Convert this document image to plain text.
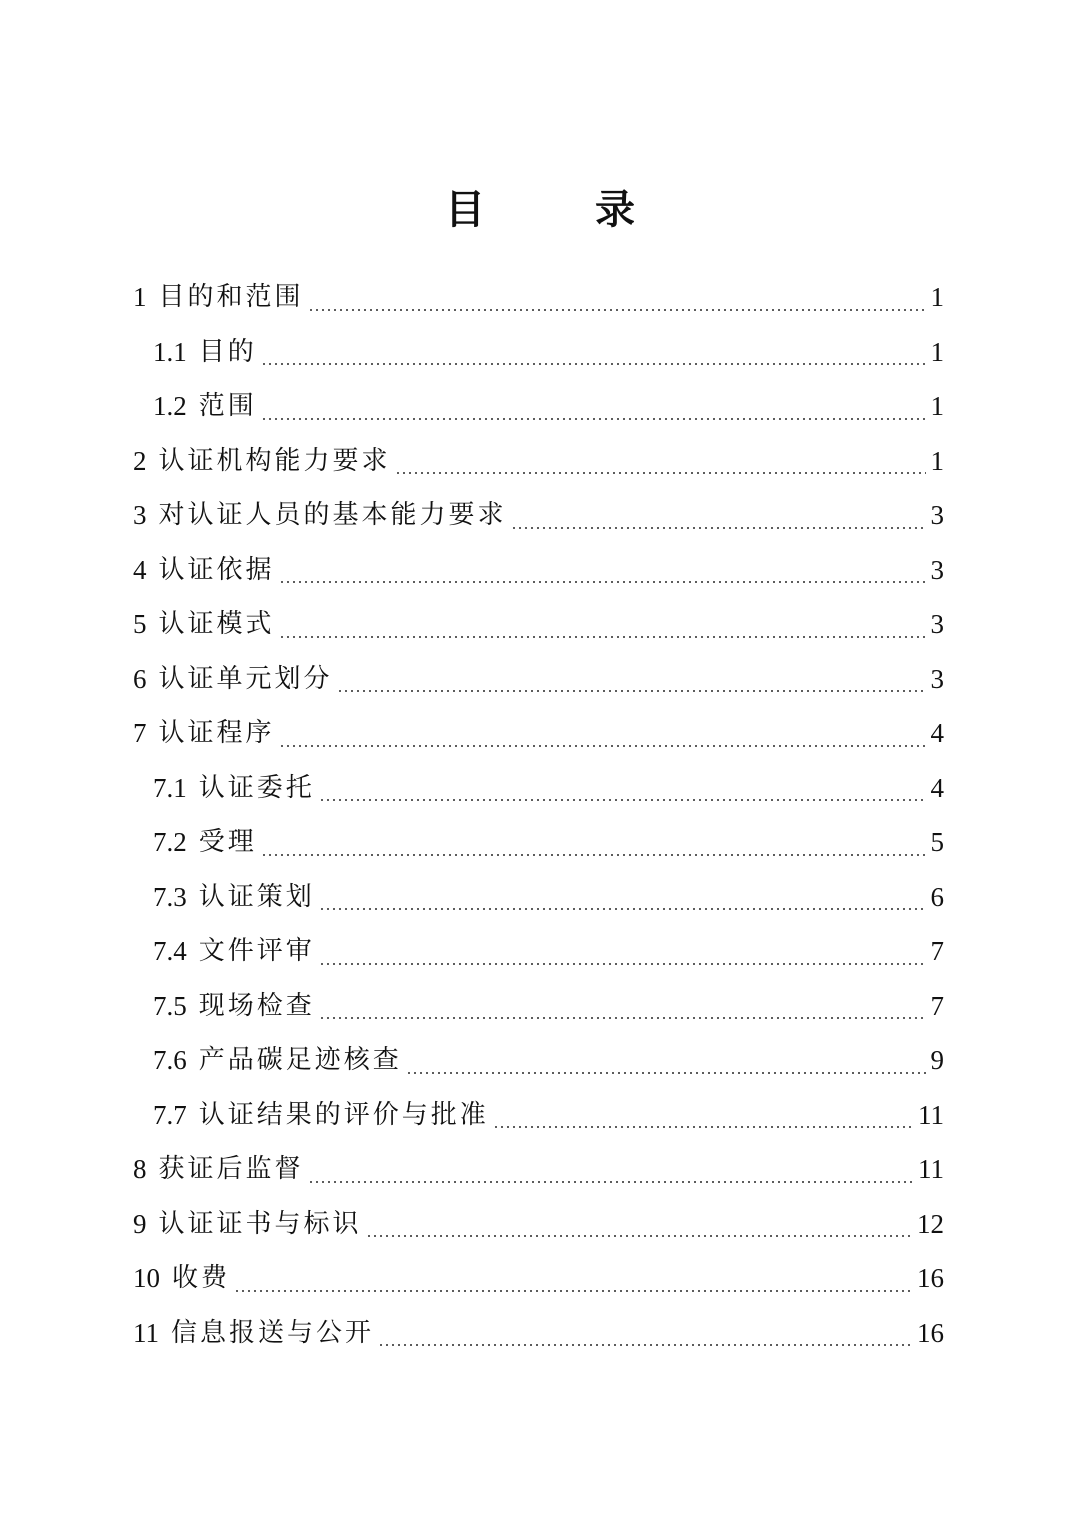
目 录
1 目的和范围	1
1.1 目的	1
1.2 范围	1
2 认证机构能力要求	1
3 对认证人员的基本能力要求	3
4 认证依据	3
5 认证模式	3
6 认证单元划分	3
7 认证程序	4
7.1 认证委托	4
7.2 受理	5
7.3 认证策划	6
7.4 文件评审	7
7.5 现场检查	7
7.6 产品碳足迹核查	9
7.7 认证结果的评价与批准	11
8 获证后监督	11
9 认证证书与标识	12
10 收费	16
11 信息报送与公开	16
